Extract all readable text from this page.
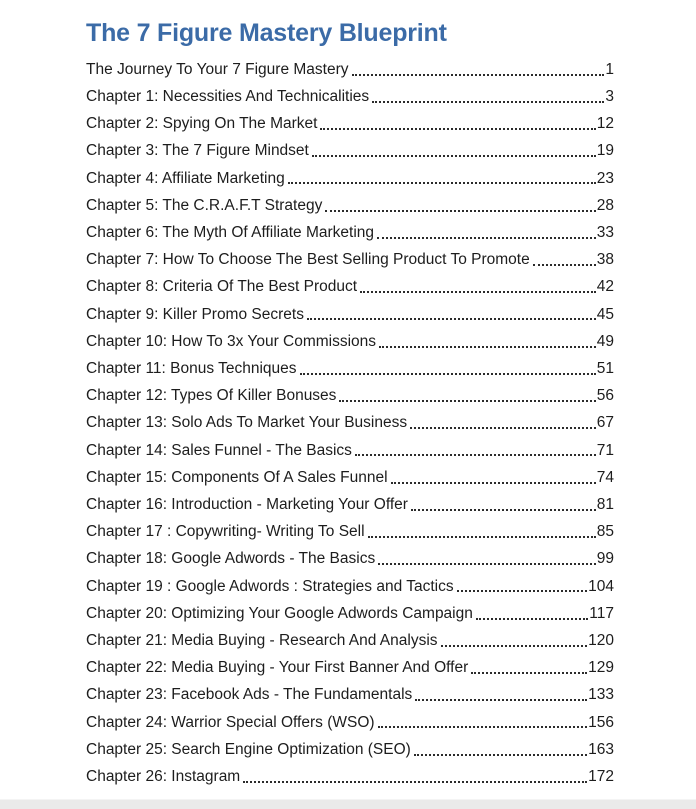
The 7 Figure Mastery Blueprint
The Journey To Your 7 Figure Mastery	1
Chapter 1: Necessities And Technicalities	3
Chapter 2: Spying On The Market	12
Chapter 3: The 7 Figure Mindset	19
Chapter 4: Affiliate Marketing	23
Chapter 5: The C.R.A.F.T Strategy	28
Chapter 6: The Myth Of Affiliate Marketing	33
Chapter 7: How To Choose The Best Selling Product To Promote	38
Chapter 8: Criteria Of The Best Product	42
Chapter 9: Killer Promo Secrets	45
Chapter 10: How To 3x Your Commissions	49
Chapter 11: Bonus Techniques	51
Chapter 12: Types Of Killer Bonuses	56
Chapter 13: Solo Ads To Market Your Business	67
Chapter 14: Sales Funnel - The Basics	71
Chapter 15: Components Of A Sales Funnel	74
Chapter 16: Introduction - Marketing Your Offer	81
Chapter 17 : Copywriting- Writing To Sell	85
Chapter 18: Google Adwords - The Basics	99
Chapter 19 : Google Adwords : Strategies and Tactics	104
Chapter 20: Optimizing Your Google Adwords Campaign	117
Chapter 21: Media Buying - Research And Analysis	120
Chapter 22: Media Buying - Your First Banner And Offer	129
Chapter 23: Facebook Ads - The Fundamentals	133
Chapter 24: Warrior Special Offers (WSO)	156
Chapter 25: Search Engine Optimization (SEO)	163
Chapter 26: Instagram	172
